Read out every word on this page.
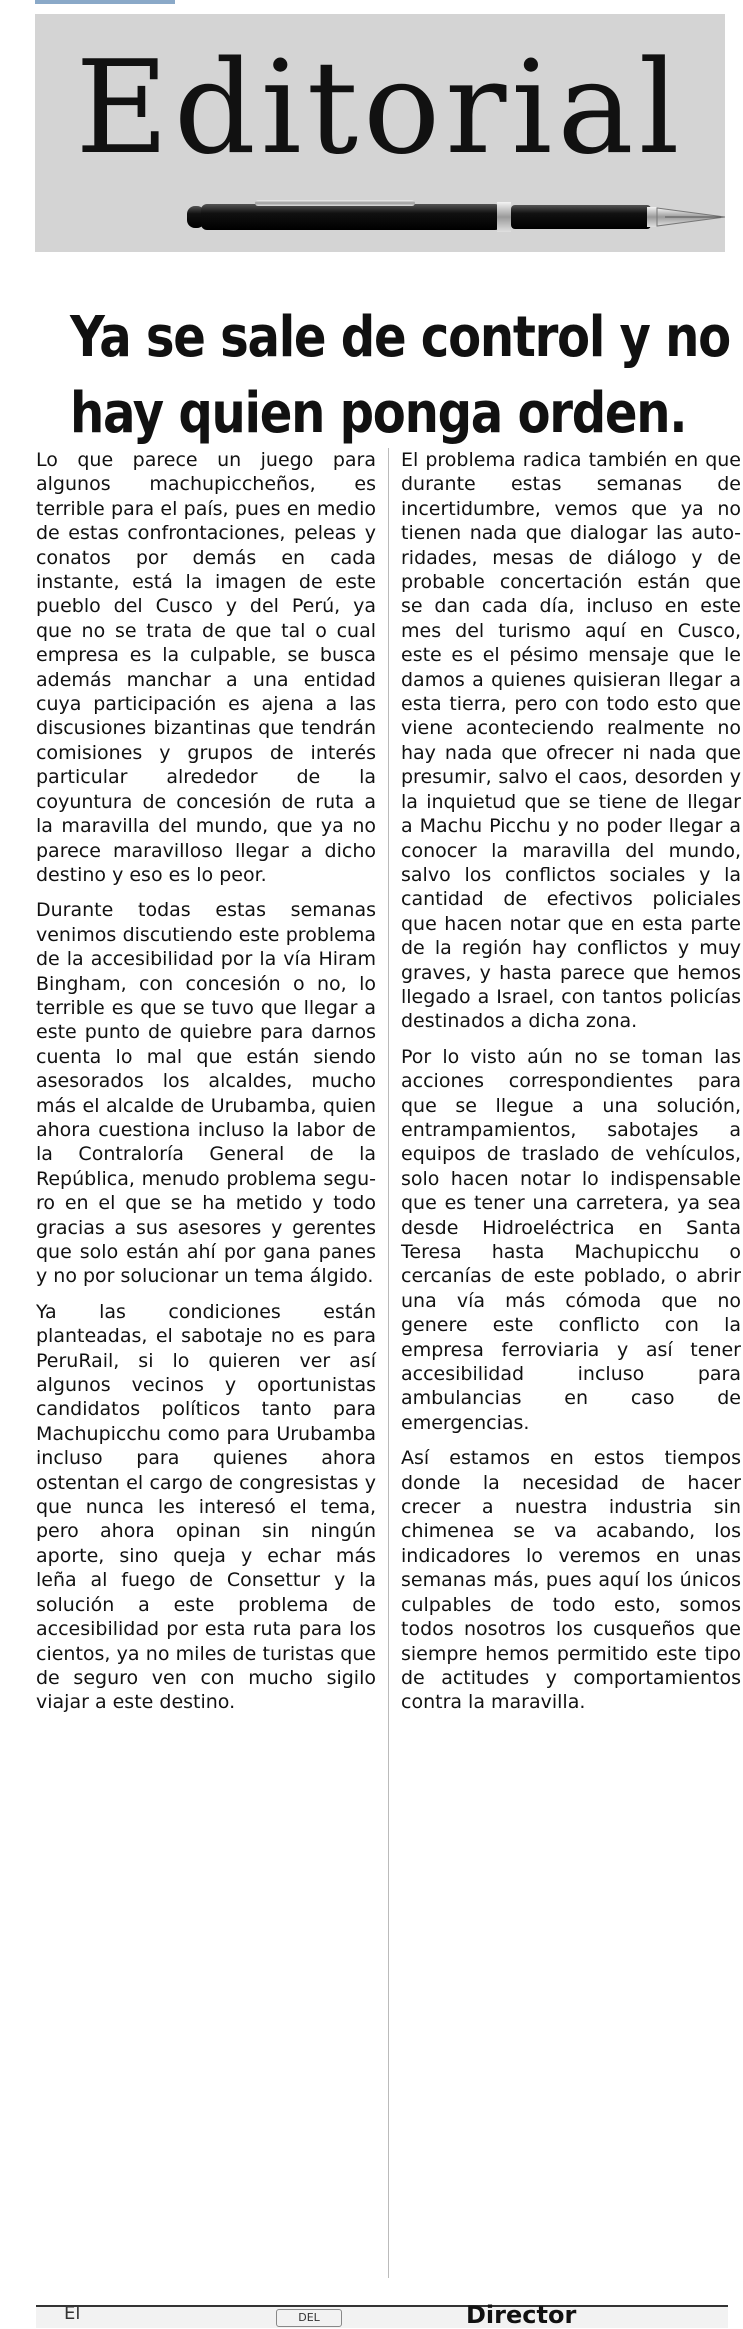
Editorial
Ya se sale de control y no
hay quien ponga orden.

Lo que parece un juego para algunos machupiccheños, es terrible para el país, pues en medio de estas confrontaciones, peleas y conatos por demás en cada instante, está la imagen de este pueblo del Cusco y del Perú, ya que no se trata de que tal o cual empresa es la culpable, se busca además manchar a una entidad cuya participación es ajena a las discusiones bizantinas que tendrán comisiones y grupos de interés particular alrededor de la coyuntura de concesión de ruta a la maravilla del mundo, que ya no parece maravilloso llegar a dicho destino y eso es lo peor.

Durante todas estas semanas venimos discutiendo este problema de la accesibilidad por la vía Hiram Bingham, con concesión o no, lo terrible es que se tuvo que llegar a este punto de quiebre para darnos cuenta lo mal que están siendo asesorados los alcaldes, mucho más el alcalde de Urubamba, quien ahora cuestiona incluso la labor de la Contraloría General de la República, menudo problema seguro en el que se ha metido y todo gracias a sus asesores y gerentes que solo están ahí por gana panes y no por solucionar un tema álgido.

Ya las condiciones están planteadas, el sabotaje no es para PeruRail, si lo quieren ver así algunos vecinos y oportunistas candidatos políticos tanto para Machupicchu como para Urubamba incluso para quienes ahora ostentan el cargo de congresistas y que nunca les interesó el tema, pero ahora opinan sin ningún aporte, sino queja y echar más leña al fuego de Consettur y la solución a este problema de accesibilidad por esta ruta para los cientos, ya no miles de turistas que de seguro ven con mucho sigilo viajar a este destino.

El problema radica también en que durante estas semanas de incertidumbre, vemos que ya no tienen nada que dialogar las autoridades, mesas de diálogo y de probable concertación están que se dan cada día, incluso en este mes del turismo aquí en Cusco, este es el pésimo mensaje que le damos a quienes quisieran llegar a esta tierra, pero con todo esto que viene aconteciendo realmente no hay nada que ofrecer ni nada que presumir, salvo el caos, desorden y la inquietud que se tiene de llegar a Machu Picchu y no poder llegar a conocer la maravilla del mundo, salvo los conflictos sociales y la cantidad de efectivos policiales que hacen notar que en esta parte de la región hay conflictos y muy graves, y hasta parece que hemos llegado a Israel, con tantos policías destinados a dicha zona.

Por lo visto aún no se toman las acciones correspondientes para que se llegue a una solución, entrampamientos, sabotajes a equipos de traslado de vehículos, solo hacen notar lo indispensable que es tener una carretera, ya sea desde Hidroeléctrica en Santa Teresa hasta Machupicchu o cercanías de este poblado, o abrir una vía más cómoda que no genere este conflicto con la empresa ferroviaria y así tener accesibilidad incluso para ambulancias en caso de emergencias.

Así estamos en estos tiempos donde la necesidad de hacer crecer a nuestra industria sin chimenea se va acabando, los indicadores lo veremos en unas semanas más, pues aquí los únicos culpables de todo esto, somos todos nosotros los cusqueños que siempre hemos permitido este tipo de actitudes y comportamientos contra la maravilla.

El	DEL	Director
